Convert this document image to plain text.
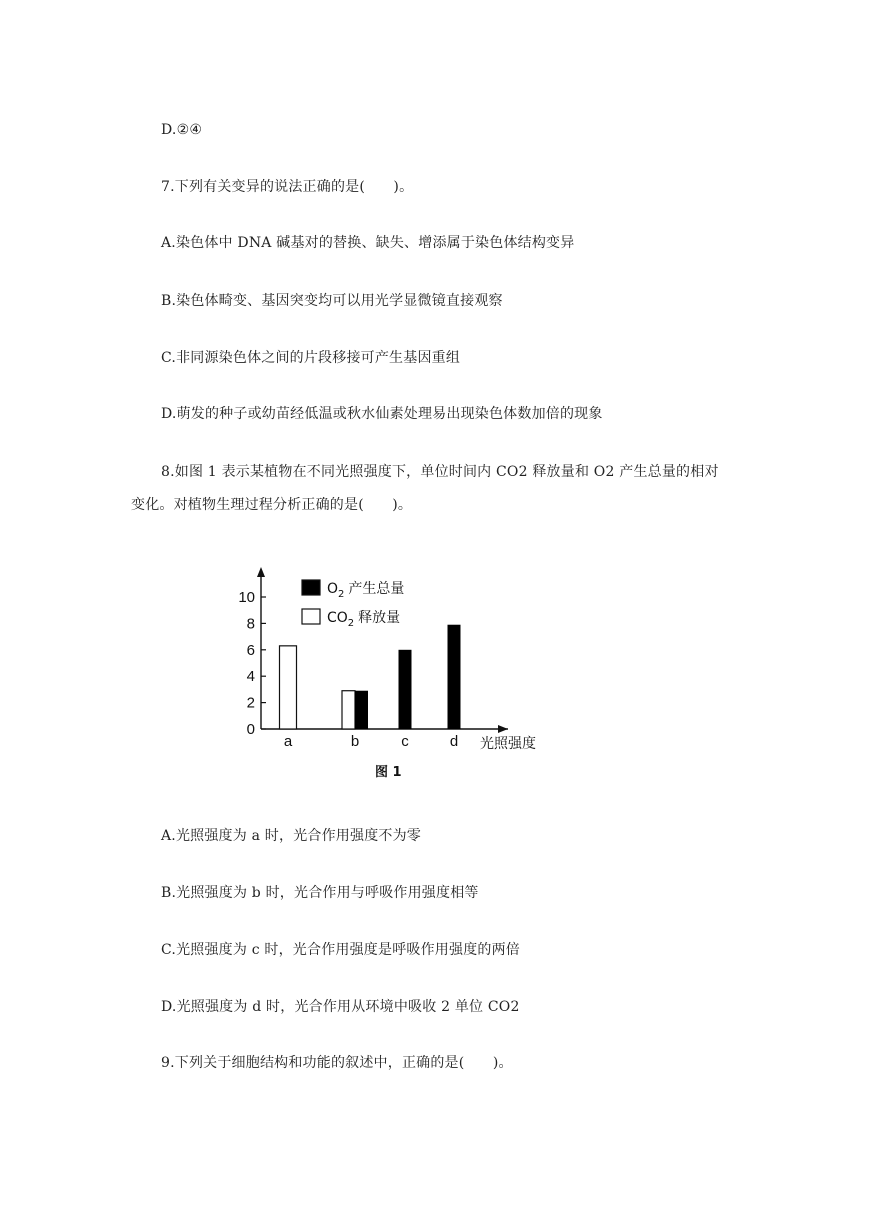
D.②④
7.下列有关变异的说法正确的是(　　)。
A.染色体中 DNA 碱基对的替换、缺失、增添属于染色体结构变异
B.染色体畸变、基因突变均可以用光学显微镜直接观察
C.非同源染色体之间的片段移接可产生基因重组
D.萌发的种子或幼苗经低温或秋水仙素处理易出现染色体数加倍的现象
8.如图 1 表示某植物在不同光照强度下，单位时间内 CO2 释放量和 O2 产生总量的相对
变化。对植物生理过程分析正确的是(　　)。
0
2
4
6
8
10
a	b	c	d
$O_2$ 产生总量
$CO_2$ 释放量
光照强度
图 1
A.光照强度为 a 时，光合作用强度不为零
B.光照强度为 b 时，光合作用与呼吸作用强度相等
C.光照强度为 c 时，光合作用强度是呼吸作用强度的两倍
D.光照强度为 d 时，光合作用从环境中吸收 2 单位 CO2
9.下列关于细胞结构和功能的叙述中，正确的是(　　)。
